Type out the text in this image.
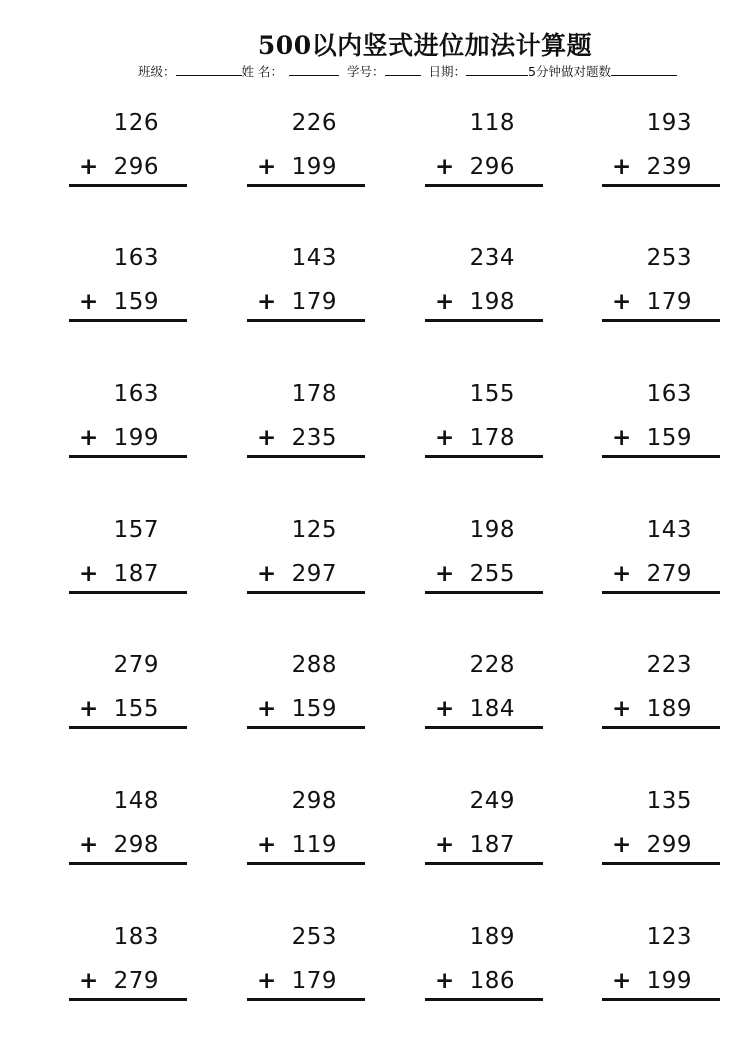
500以内竖式进位加法计算题
班级：	姓 名：	学号：	日期：	5分钟做对题数
126
+ 296
226
+ 199
118
+ 296
193
+ 239
163
+ 159
143
+ 179
234
+ 198
253
+ 179
163
+ 199
178
+ 235
155
+ 178
163
+ 159
157
+ 187
125
+ 297
198
+ 255
143
+ 279
279
+ 155
288
+ 159
228
+ 184
223
+ 189
148
+ 298
298
+ 119
249
+ 187
135
+ 299
183
+ 279
253
+ 179
189
+ 186
123
+ 199
